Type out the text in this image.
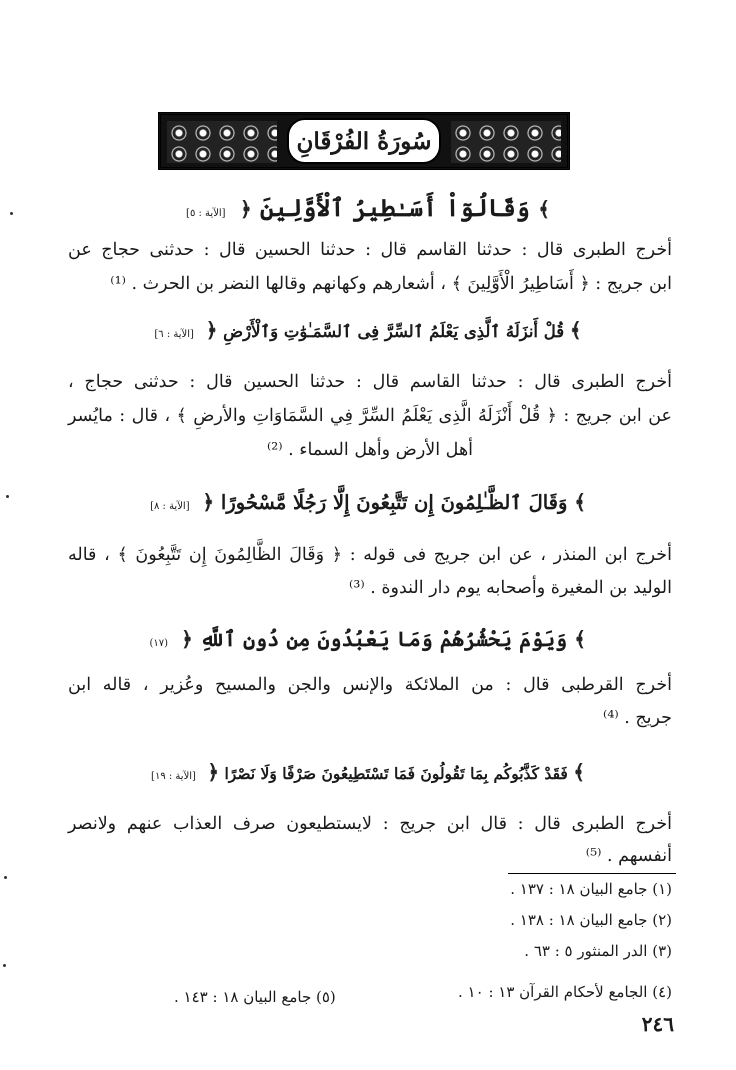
سُورَةُ الفُرْقَانِ
﴾ وَقَالُوٓاْ أَسَـٰطِيرُ ٱلْأَوَّلِينَ ﴿ [الآية : ٥]
أخرج الطبرى قال : حدثنا القاسم قال : حدثنا الحسين قال : حدثنى حجاج عن
ابن جريج : ﴿ أَسَاطِيرُ الْأَوَّلِينَ ﴾ ، أشعارهم وكهانهم وقالها النضر بن الحرث . ⁽¹⁾
﴾ قُلْ أَنزَلَهُ ٱلَّذِى يَعْلَمُ ٱلسِّرَّ فِى ٱلسَّمَـٰوَٰتِ وَٱلْأَرْضِ ﴿ [الآية : ٦]
أخرج الطبرى قال : حدثنا القاسم قال : حدثنا الحسين قال : حدثنى حجاج ،
عن ابن جريج : ﴿ قُلْ أَنْزَلَهُ الَّذِى يَعْلَمُ السِّرَّ فِي السَّمَاوَاتِ والأرضِ ﴾ ، قال : مايُسر
أهل الأرض وأهل السماء . ⁽²⁾
﴾ وَقَالَ ٱلظَّـٰلِمُونَ إِن تَتَّبِعُونَ إِلَّا رَجُلًا مَّسْحُورًا ﴿ [الآية : ٨]
أخرج ابن المنذر ، عن ابن جريج فى قوله : ﴿ وَقَالَ الظَّالِمُونَ إِن تَتَّبِعُونَ ﴾ ، قاله
الوليد بن المغيرة وأصحابه يوم دار الندوة . ⁽³⁾
﴾ وَيَوْمَ يَحْشُرُهُمْ وَمَا يَعْبُدُونَ مِن دُونِ ٱللَّهِ ﴿ (١٧)
أخرج القرطبى قال : من الملائكة والإنس والجن والمسيح وعُزير ، قاله ابن
جريج . ⁽⁴⁾
﴾ فَقَدْ كَذَّبُوكُم بِمَا تَقُولُونَ فَمَا تَسْتَطِيعُونَ صَرْفًا وَلَا نَصْرًا ﴿ [الآية : ١٩]
أخرج الطبرى قال : قال ابن جريج : لايستطيعون صرف العذاب عنهم ولانصر
أنفسهم . ⁽⁵⁾
(١) جامع البيان ١٨ : ١٣٧ .
(٢) جامع البيان ١٨ : ١٣٨ .
(٣) الدر المنثور ٥ : ٦٣ .
(٤) الجامع لأحكام القرآن ١٣ : ١٠ .
(٥) جامع البيان ١٨ : ١٤٣ .
٢٤٦
